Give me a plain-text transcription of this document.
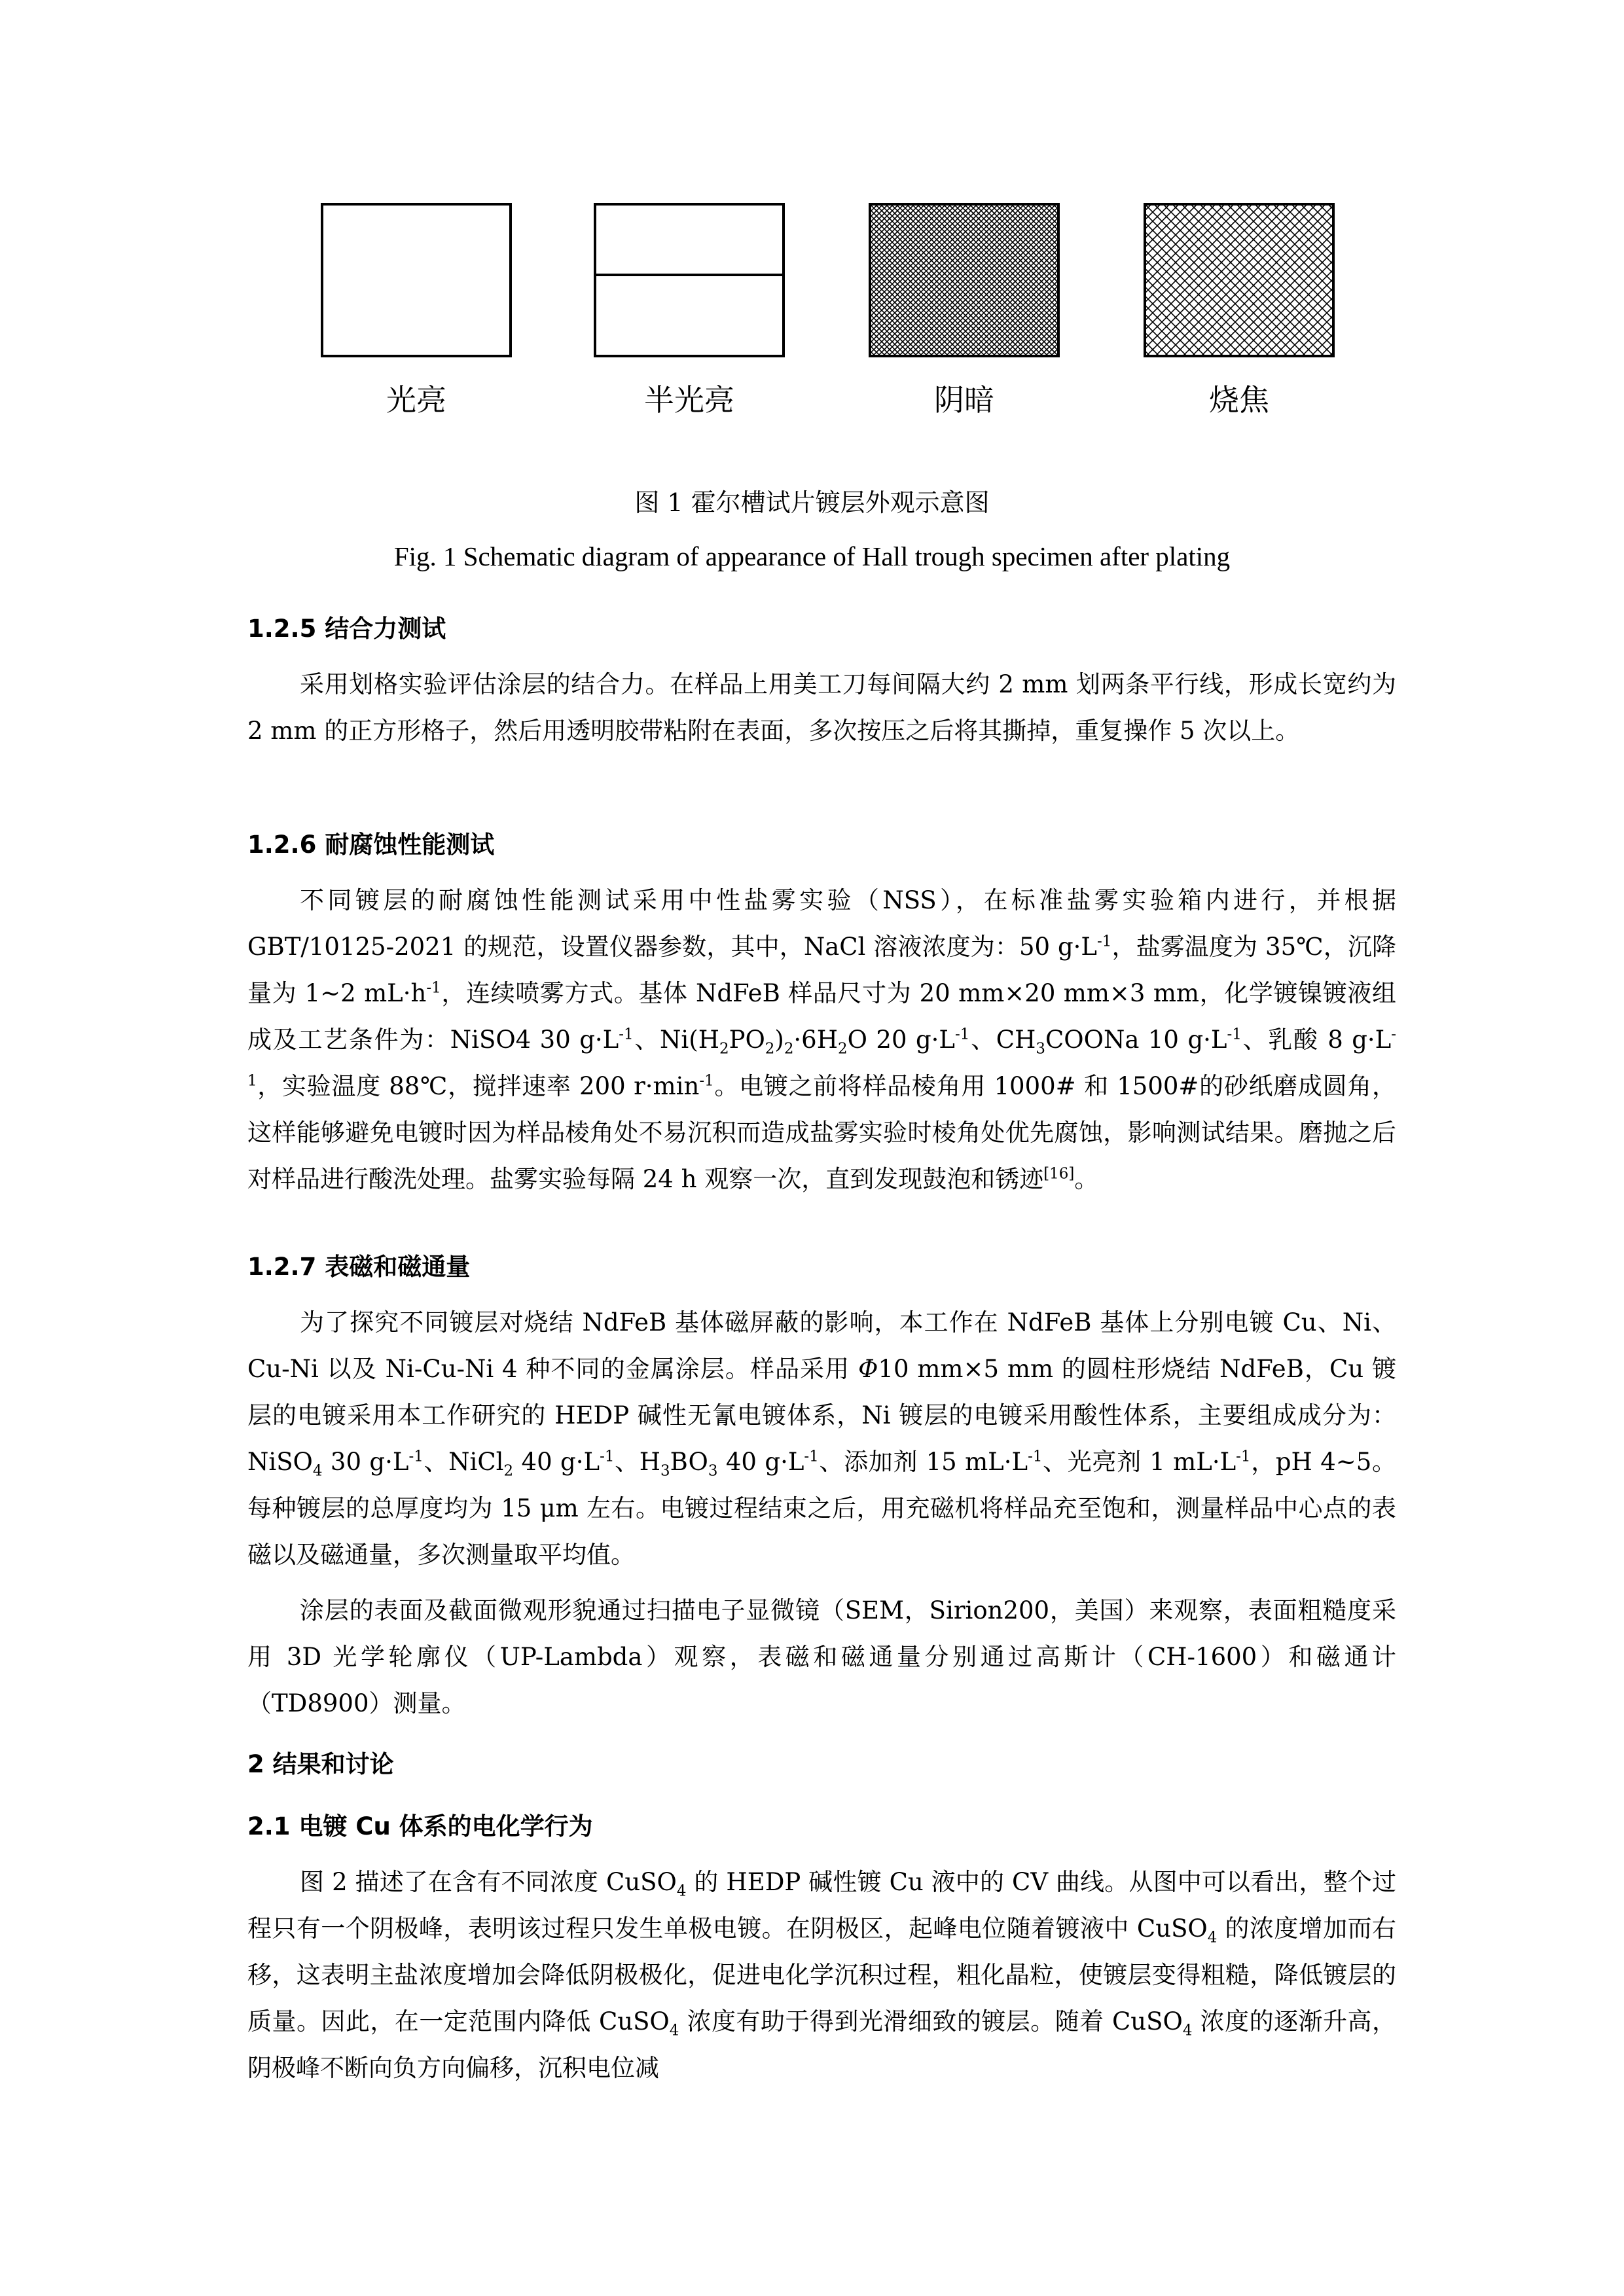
光亮	半光亮	阴暗	烧焦
图 1 霍尔槽试片镀层外观示意图
Fig. 1 Schematic diagram of appearance of Hall trough specimen after plating
1.2.5 结合力测试
采用划格实验评估涂层的结合力。在样品上用美工刀每间隔大约 2 mm 划两条平行线，形成长宽约为 2 mm 的正方形格子，然后用透明胶带粘附在表面，多次按压之后将其撕掉，重复操作 5 次以上。
1.2.6 耐腐蚀性能测试
不同镀层的耐腐蚀性能测试采用中性盐雾实验（NSS），在标准盐雾实验箱内进行，并根据 GBT/10125-2021 的规范，设置仪器参数，其中，NaCl 溶液浓度为：50 $g\cdot L^{-1}$，盐雾温度为 35℃，沉降量为 1~2 $mL\cdot h^{-1}$，连续喷雾方式。基体 NdFeB 样品尺寸为 20 mm×20 mm×3 mm，化学镀镍镀液组成及工艺条件为：NiSO4 30 $g\cdot L^{-1}$、$Ni(H_2PO_2)_2\cdot 6H_2O$ 20 $g\cdot L^{-1}$、$CH_3COONa$ 10 $g\cdot L^{-1}$、乳酸 8 $g\cdot L^{-1}$，实验温度 88℃，搅拌速率 200 $r\cdot\min^{-1}$。电镀之前将样品棱角用 1000# 和 1500#的砂纸磨成圆角，这样能够避免电镀时因为样品棱角处不易沉积而造成盐雾实验时棱角处优先腐蚀，影响测试结果。磨抛之后对样品进行酸洗处理。盐雾实验每隔 24 h 观察一次，直到发现鼓泡和锈迹[16]。
1.2.7 表磁和磁通量
为了探究不同镀层对烧结 NdFeB 基体磁屏蔽的影响，本工作在 NdFeB 基体上分别电镀 Cu、Ni、Cu-Ni 以及 Ni-Cu-Ni 4 种不同的金属涂层。样品采用 Φ10 mm×5 mm 的圆柱形烧结 NdFeB，Cu 镀层的电镀采用本工作研究的 HEDP 碱性无氰电镀体系，Ni 镀层的电镀采用酸性体系，主要组成成分为：NiSO$_4$ 30 $g\cdot L^{-1}$、NiCl$_2$ 40 $g\cdot L^{-1}$、$H_3BO_3$ 40 $g\cdot L^{-1}$、添加剂 15 $mL\cdot L^{-1}$、光亮剂 1 $mL\cdot L^{-1}$，pH 4~5。每种镀层的总厚度均为 15 μm 左右。电镀过程结束之后，用充磁机将样品充至饱和，测量样品中心点的表磁以及磁通量，多次测量取平均值。
涂层的表面及截面微观形貌通过扫描电子显微镜（SEM，Sirion200，美国）来观察，表面粗糙度采用 3D 光学轮廓仪（UP-Lambda）观察，表磁和磁通量分别通过高斯计（CH-1600）和磁通计（TD8900）测量。
2 结果和讨论
2.1 电镀 Cu 体系的电化学行为
图 2 描述了在含有不同浓度 CuSO$_4$ 的 HEDP 碱性镀 Cu 液中的 CV 曲线。从图中可以看出，整个过程只有一个阴极峰，表明该过程只发生单极电镀。在阴极区，起峰电位随着镀液中 CuSO$_4$ 的浓度增加而右移，这表明主盐浓度增加会降低阴极极化，促进电化学沉积过程，粗化晶粒，使镀层变得粗糙，降低镀层的质量。因此，在一定范围内降低 CuSO$_4$ 浓度有助于得到光滑细致的镀层。随着 CuSO$_4$ 浓度的逐渐升高，阴极峰不断向负方向偏移，沉积电位减
